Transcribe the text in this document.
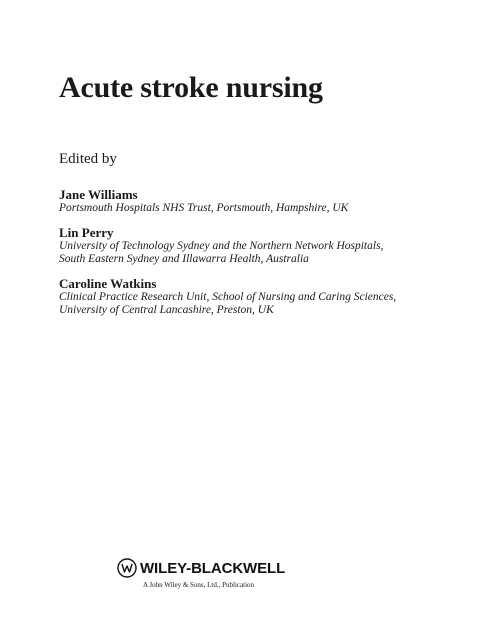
Acute stroke nursing
Edited by
Jane Williams
Portsmouth Hospitals NHS Trust, Portsmouth, Hampshire, UK
Lin Perry
University of Technology Sydney and the Northern Network Hospitals,
South Eastern Sydney and Illawarra Health, Australia
Caroline Watkins
Clinical Practice Research Unit, School of Nursing and Caring Sciences,
University of Central Lancashire, Preston, UK
WILEY-BLACKWELL
A John Wiley & Sons, Ltd., Publication
